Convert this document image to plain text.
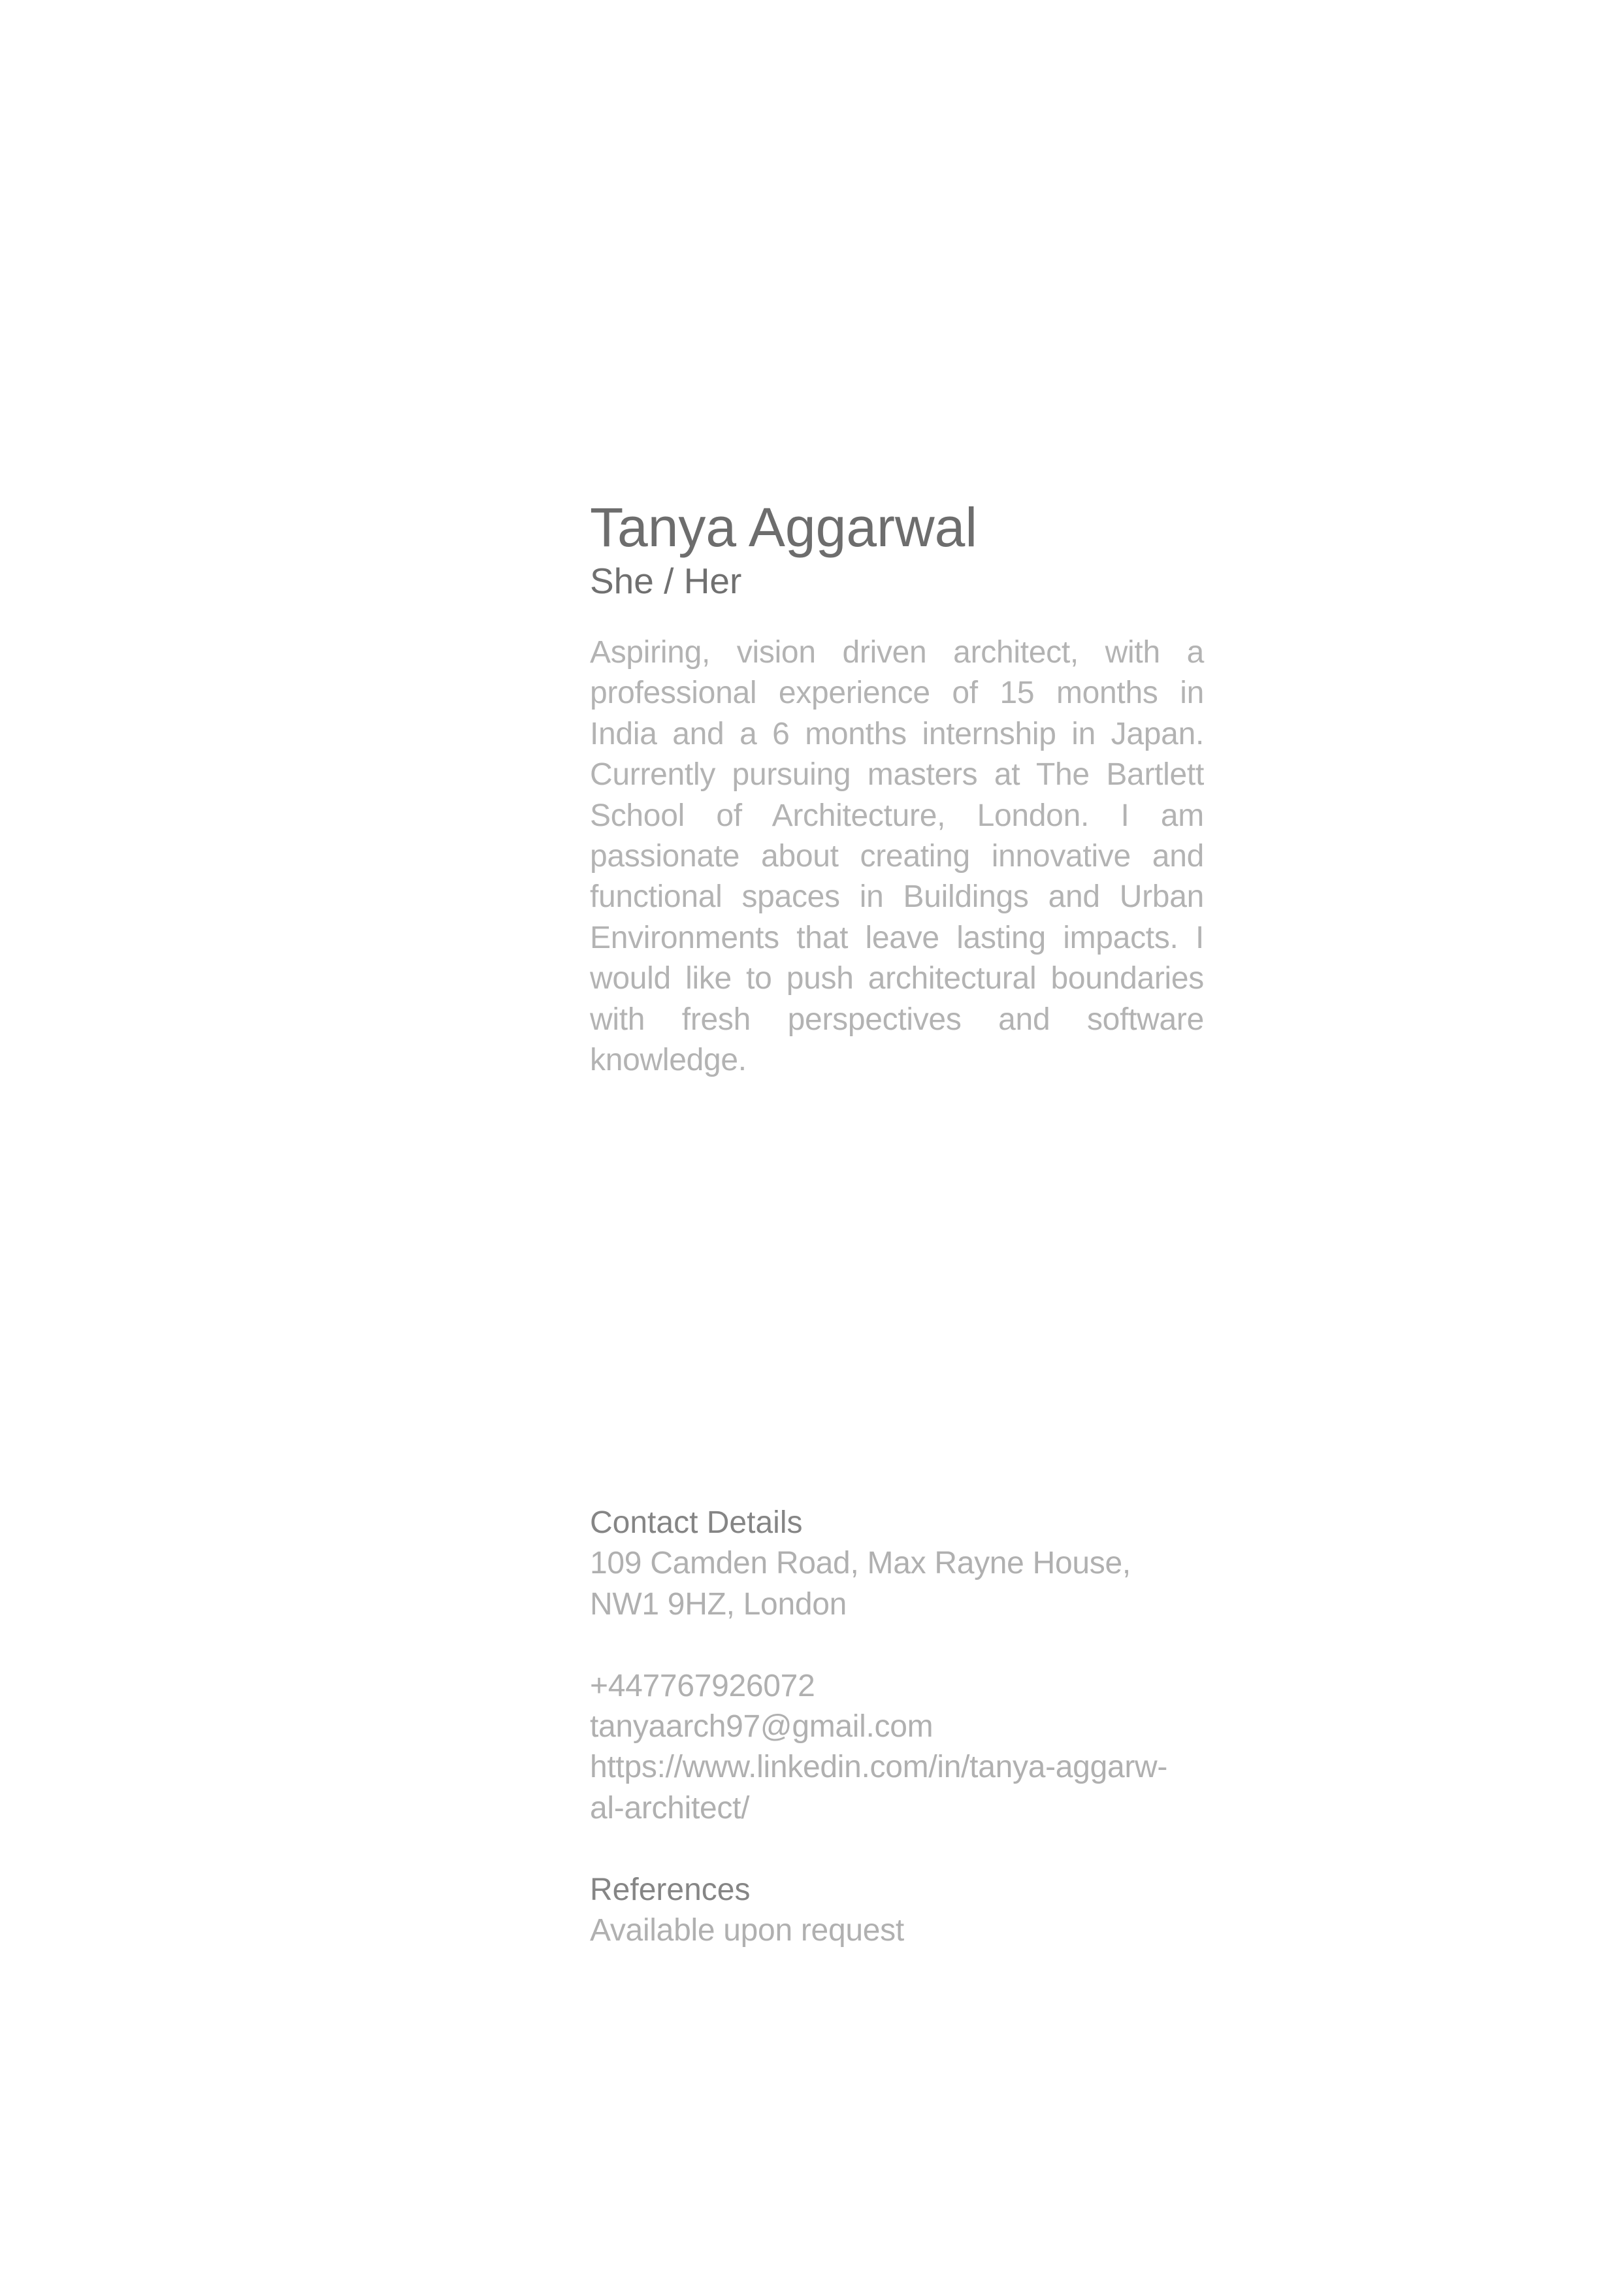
Tanya Aggarwal

She / Her

Aspiring, vision driven architect, with a professional experience of 15 months in India and a 6 months internship in Japan. Currently pursuing masters at The Bartlett School of Architecture, London. I am passionate about creating innovative and functional spaces in Buildings and Urban Environments that leave lasting impacts. I would like to push architectural boundaries with fresh perspectives and software knowledge.

Contact Details

109 Camden Road, Max Rayne House,

NW1 9HZ, London

+447767926072

tanyaarch97@gmail.com

https://www.linkedin.com/in/tanya-aggarw-

al-architect/

References

Available upon request
